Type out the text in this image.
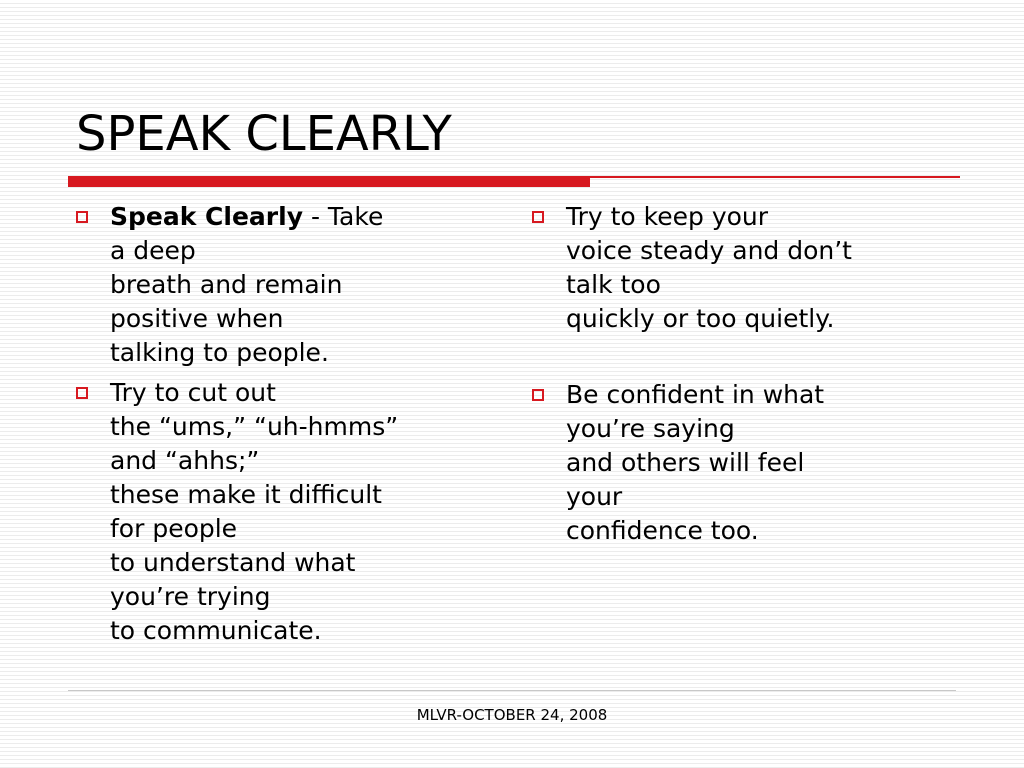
SPEAK CLEARLY
Speak Clearly - Take
a deep
breath and remain
positive when
talking to people.
Try to cut out
the “ums,” “uh-hmms”
and “ahhs;”
these make it difficult
for people
to understand what
you’re trying
to communicate.
Try to keep your
voice steady and don’t
talk too
quickly or too quietly.
Be confident in what
you’re saying
and others will feel
your
confidence too.
MLVR-OCTOBER 24, 2008
